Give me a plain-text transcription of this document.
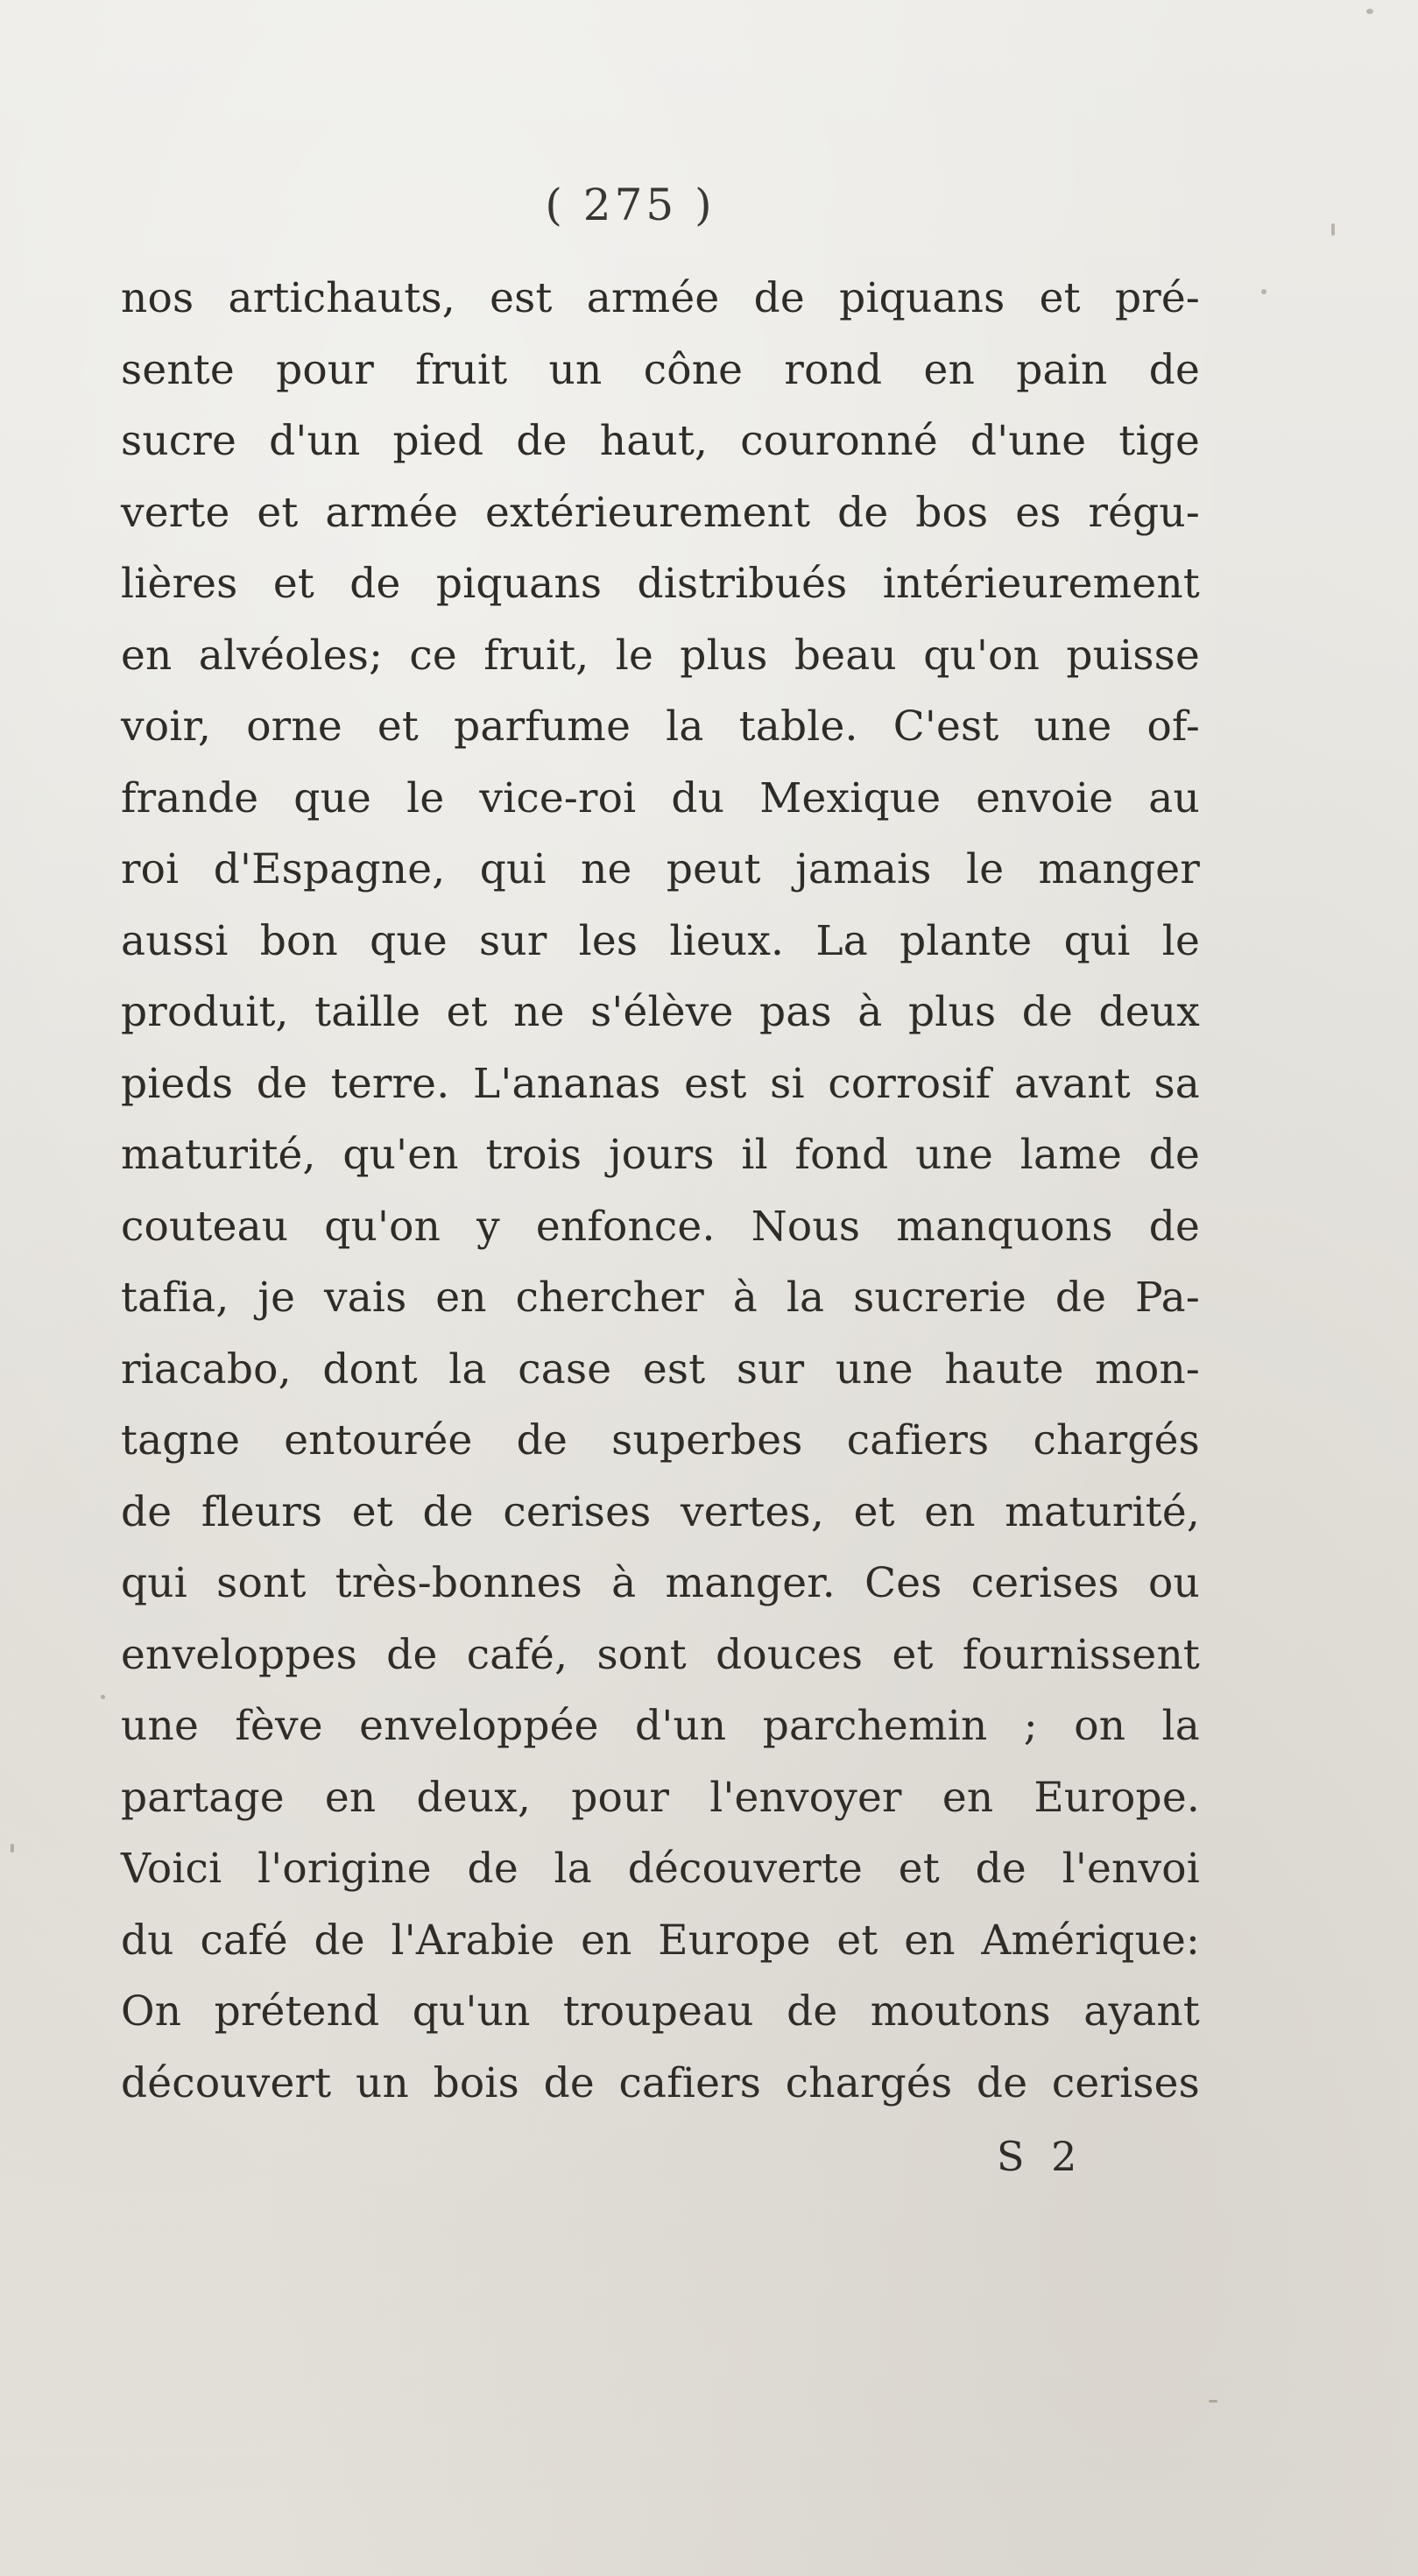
( 275 )
nos artichauts, est armée de piquans et pré-
sente pour fruit un cône rond en pain de
sucre d'un pied de haut, couronné d'une tige
verte et armée extérieurement de bos es régu-
lières et de piquans distribués intérieurement
en alvéoles; ce fruit, le plus beau qu'on puisse
voir, orne et parfume la table. C'est une of-
frande que le vice-roi du Mexique envoie au
roi d'Espagne, qui ne peut jamais le manger
aussi bon que sur les lieux. La plante qui le
produit, taille et ne s'élève pas à plus de deux
pieds de terre. L'ananas est si corrosif avant sa
maturité, qu'en trois jours il fond une lame de
couteau qu'on y enfonce. Nous manquons de
tafia, je vais en chercher à la sucrerie de Pa-
riacabo, dont la case est sur une haute mon-
tagne entourée de superbes cafiers chargés
de fleurs et de cerises vertes, et en maturité,
qui sont très-bonnes à manger. Ces cerises ou
enveloppes de café, sont douces et fournissent
une fève enveloppée d'un parchemin ; on la
partage en deux, pour l'envoyer en Europe.
Voici l'origine de la découverte et de l'envoi
du café de l'Arabie en Europe et en Amérique:
On prétend qu'un troupeau de moutons ayant
découvert un bois de cafiers chargés de cerises
S 2
